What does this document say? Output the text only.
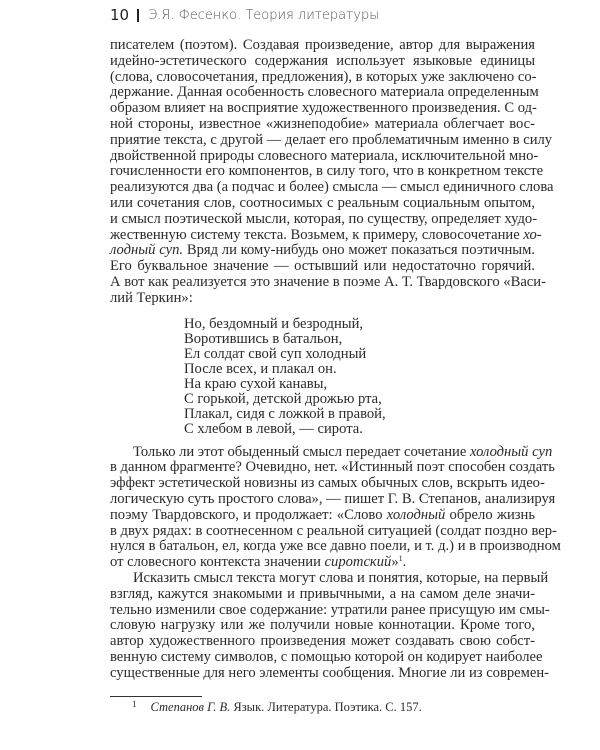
10 Э.Я. Фесенко. Теория литературы
писателем (поэтом). Создавая произведение, автор для выражения
идейно-эстетического содержания использует языковые единицы
(слова, словосочетания, предложения), в которых уже заключено со-
держание. Данная особенность словесного материала определенным
образом влияет на восприятие художественного произведения. С од-
ной стороны, известное «жизнеподобие» материала облегчает вос-
приятие текста, с другой — делает его проблематичным именно в силу
двойственной природы словесного материала, исключительной мно-
гочисленности его компонентов, в силу того, что в конкретном тексте
реализуются два (а подчас и более) смысла — смысл единичного слова
или сочетания слов, соотносимых с реальным социальным опытом,
и смысл поэтической мысли, которая, по существу, определяет худо-
жественную систему текста. Возьмем, к примеру, словосочетание хо-
лодный суп. Вряд ли кому-нибудь оно может показаться поэтичным.
Его буквальное значение — остывший или недостаточно горячий.
А вот как реализуется это значение в поэме А. Т. Твардовского «Васи-
лий Теркин»:
Но, бездомный и безродный,
Воротившись в батальон,
Ел солдат свой суп холодный
После всех, и плакал он.
На краю сухой канавы,
С горькой, детской дрожью рта,
Плакал, сидя с ложкой в правой,
С хлебом в левой, — сирота.
Только ли этот обыденный смысл передает сочетание холодный суп
в данном фрагменте? Очевидно, нет. «Истинный поэт способен создать
эффект эстетической новизны из самых обычных слов, вскрыть идео-
логическую суть простого слова», — пишет Г. В. Степанов, анализируя
поэму Твардовского, и продолжает: «Слово холодный обрело жизнь
в двух рядах: в соотнесенном с реальной ситуацией (солдат поздно вер-
нулся в батальон, ел, когда уже все давно поели, и т. д.) и в производном
от словесного контекста значении сиротский»$^1$.
Исказить смысл текста могут слова и понятия, которые, на первый
взгляд, кажутся знакомыми и привычными, а на самом деле значи-
тельно изменили свое содержание: утратили ранее присущую им смы-
словую нагрузку или же получили новые коннотации. Кроме того,
автор художественного произведения может создавать свою собст-
венную систему символов, с помощью которой он кодирует наиболее
существенные для него элементы сообщения. Многие ли из современ-
$^1$ Степанов Г. В. Язык. Литература. Поэтика. С. 157.
